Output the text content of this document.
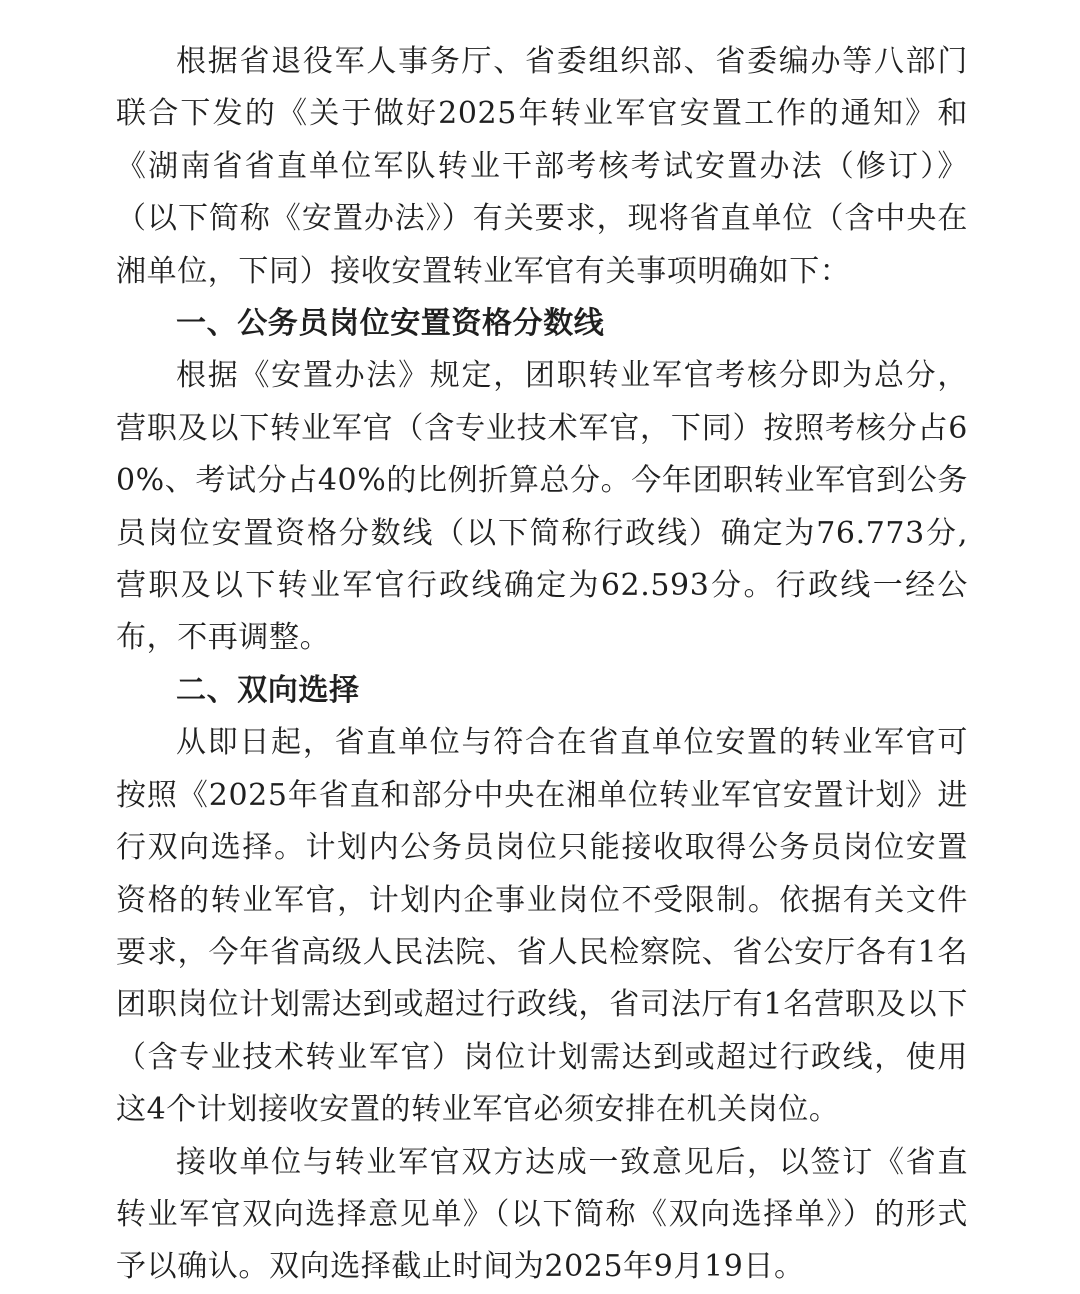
根据省退役军人事务厅、省委组织部、省委编办等八部门联合下发的《关于做好2025年转业军官安置工作的通知》和《湖南省省直单位军队转业干部考核考试安置办法（修订）》（以下简称《安置办法》）有关要求，现将省直单位（含中央在湘单位，下同）接收安置转业军官有关事项明确如下：

一、公务员岗位安置资格分数线

根据《安置办法》规定，团职转业军官考核分即为总分，营职及以下转业军官（含专业技术军官，下同）按照考核分占60%、考试分占40%的比例折算总分。今年团职转业军官到公务员岗位安置资格分数线（以下简称行政线）确定为76.773分,营职及以下转业军官行政线确定为62.593分。行政线一经公布，不再调整。

二、双向选择

从即日起，省直单位与符合在省直单位安置的转业军官可按照《2025年省直和部分中央在湘单位转业军官安置计划》进行双向选择。计划内公务员岗位只能接收取得公务员岗位安置资格的转业军官，计划内企事业岗位不受限制。依据有关文件要求，今年省高级人民法院、省人民检察院、省公安厅各有1名团职岗位计划需达到或超过行政线，省司法厅有1名营职及以下（含专业技术转业军官）岗位计划需达到或超过行政线，使用这4个计划接收安置的转业军官必须安排在机关岗位。

接收单位与转业军官双方达成一致意见后，以签订《省直转业军官双向选择意见单》（以下简称《双向选择单》）的形式予以确认。双向选择截止时间为2025年9月19日。
